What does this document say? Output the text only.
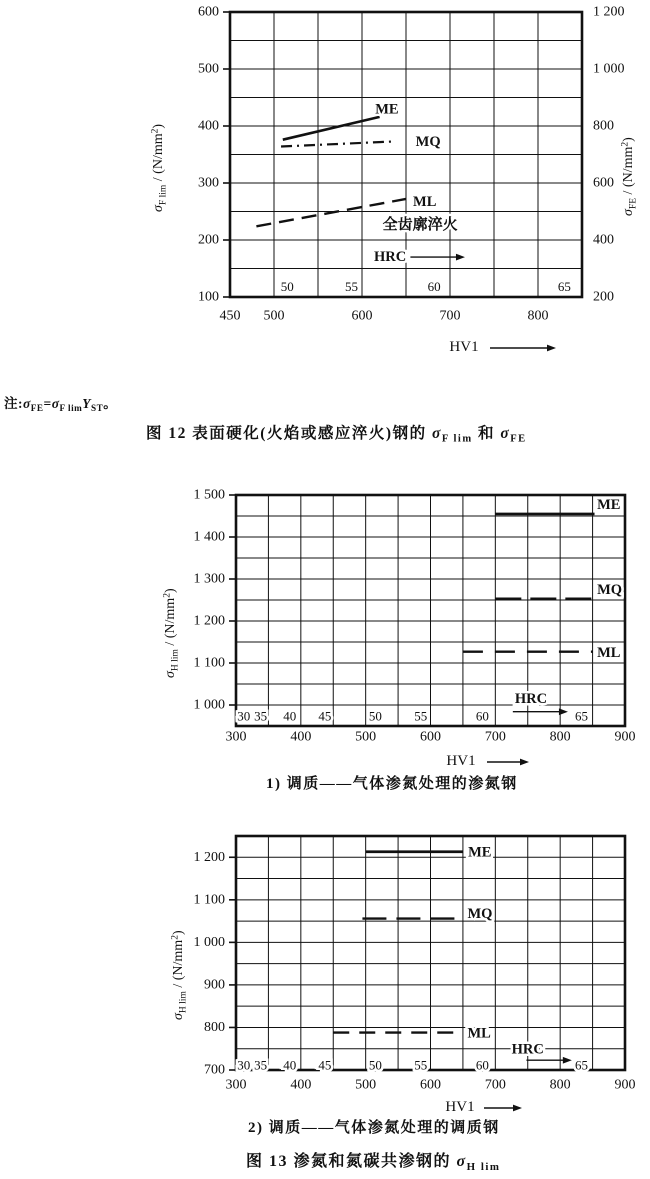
600
500
400
300
200
100
1 200
1 000
800
600
400
200
450 500	600	700	800
50	55	60	65
HRC
ME
MQ
ML
全齿廓淬火
HV1
1 500
1 400
1 300
1 200
1 100
1 000
300	400	500	600	700	800	900
30 35 40 45	50 55	60	65
HRC
ME
MQ
ML
HV1
1 200
1 100
1 000
900
800
700
300	400	500	600	700	800	900
30 35 40 45	50 55	60	65
HRC
ME
MQ
ML
HV1
注$:\sigma_{FE}=\sigma_{F lim}Y_{ST}$。
图 12 表面硬化(火焰或感应淬火)钢的 $\sigma_{F lim}$ 和 $\sigma_{FE}$
1) 调质——气体渗氮处理的渗氮钢
2) 调质——气体渗氮处理的调质钢
图 13 渗氮和氮碳共渗钢的 $\sigma_{H lim}$
$\sigma_{F lim} / (N/mm^2)$
$\sigma_{FE} / (N/mm^2)$
$\sigma_{H lim} / (N/mm^2)$
$\sigma_{H lim} / (N/mm^2)$
